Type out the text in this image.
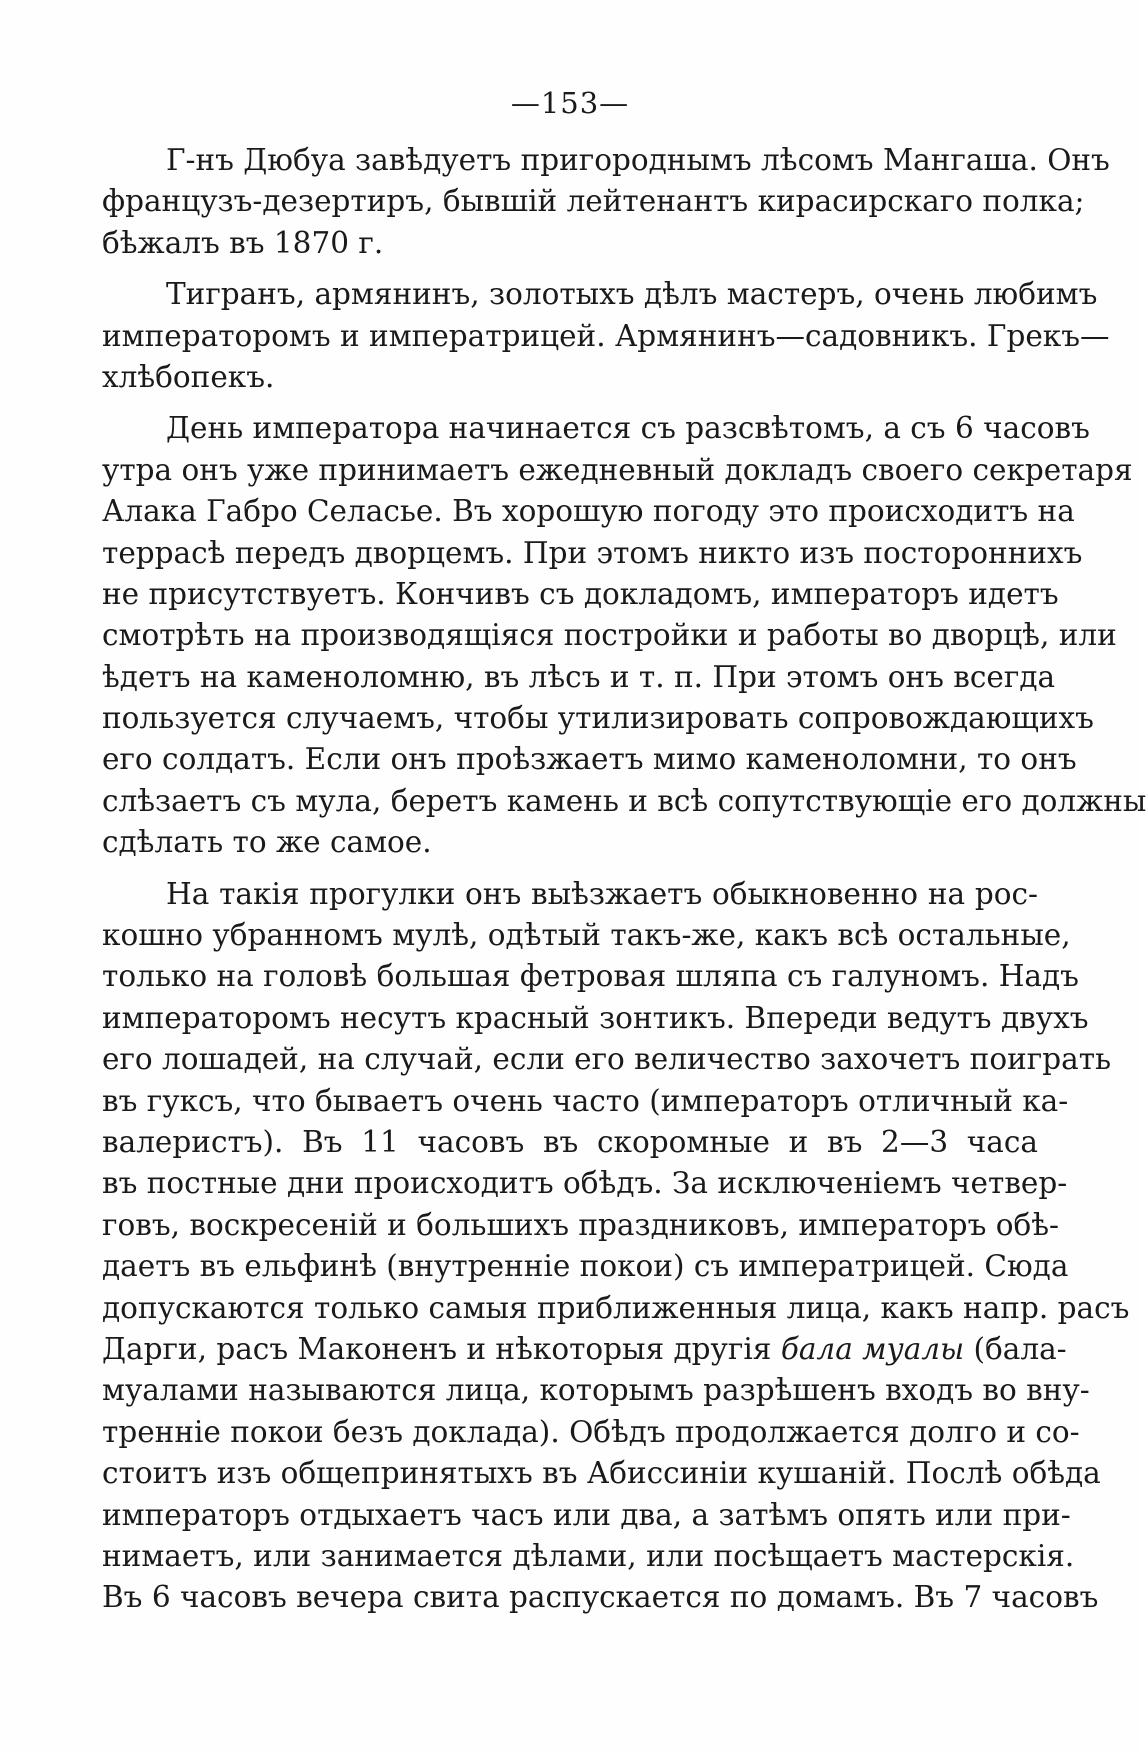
—153—
Г-нъ Дюбуа завѣдуетъ пригороднымъ лѣсомъ Мангаша. Онъ
французъ-дезертиръ, бывшій лейтенантъ кирасирскаго полка;
бѣжалъ въ 1870 г.
Тигранъ, армянинъ, золотыхъ дѣлъ мастеръ, очень любимъ
императоромъ и императрицей. Армянинъ—садовникъ. Грекъ—
хлѣбопекъ.
День императора начинается съ разсвѣтомъ, а съ 6 часовъ
утра онъ уже принимаетъ ежедневный докладъ своего секретаря
Алака Габро Селасье. Въ хорошую погоду это происходитъ на
террасѣ передъ дворцемъ. При этомъ никто изъ постороннихъ
не присутствуетъ. Кончивъ съ докладомъ, императоръ идетъ
смотрѣть на производящіяся постройки и работы во дворцѣ, или
ѣдетъ на каменоломню, въ лѣсъ и т. п. При этомъ онъ всегда
пользуется случаемъ, чтобы утилизировать сопровождающихъ
его солдатъ. Если онъ проѣзжаетъ мимо каменоломни, то онъ
слѣзаетъ съ мула, беретъ камень и всѣ сопутствующіе его должны
сдѣлать то же самое.
На такія прогулки онъ выѣзжаетъ обыкновенно на рос-
кошно убранномъ мулѣ, одѣтый такъ-же, какъ всѣ остальные,
только на головѣ большая фетровая шляпа съ галуномъ. Надъ
императоромъ несутъ красный зонтикъ. Впереди ведутъ двухъ
его лошадей, на случай, если его величество захочетъ поиграть
въ гуксъ, что бываетъ очень часто (императоръ отличный ка-
валеристъ). Въ 11 часовъ въ скоромные и въ 2—3 часа
въ постные дни происходитъ обѣдъ. За исключеніемъ четвер-
говъ, воскресеній и большихъ праздниковъ, императоръ обѣ-
даетъ въ ельфинѣ (внутренніе покои) съ императрицей. Сюда
допускаются только самыя приближенныя лица, какъ напр. расъ
Дарги, расъ Маконенъ и нѣкоторыя другія бала муалы (бала-
муалами называются лица, которымъ разрѣшенъ входъ во вну-
тренніе покои безъ доклада). Обѣдъ продолжается долго и со-
стоитъ изъ общепринятыхъ въ Абиссиніи кушаній. Послѣ обѣда
императоръ отдыхаетъ часъ или два, а затѣмъ опять или при-
нимаетъ, или занимается дѣлами, или посѣщаетъ мастерскія.
Въ 6 часовъ вечера свита распускается по домамъ. Въ 7 часовъ
